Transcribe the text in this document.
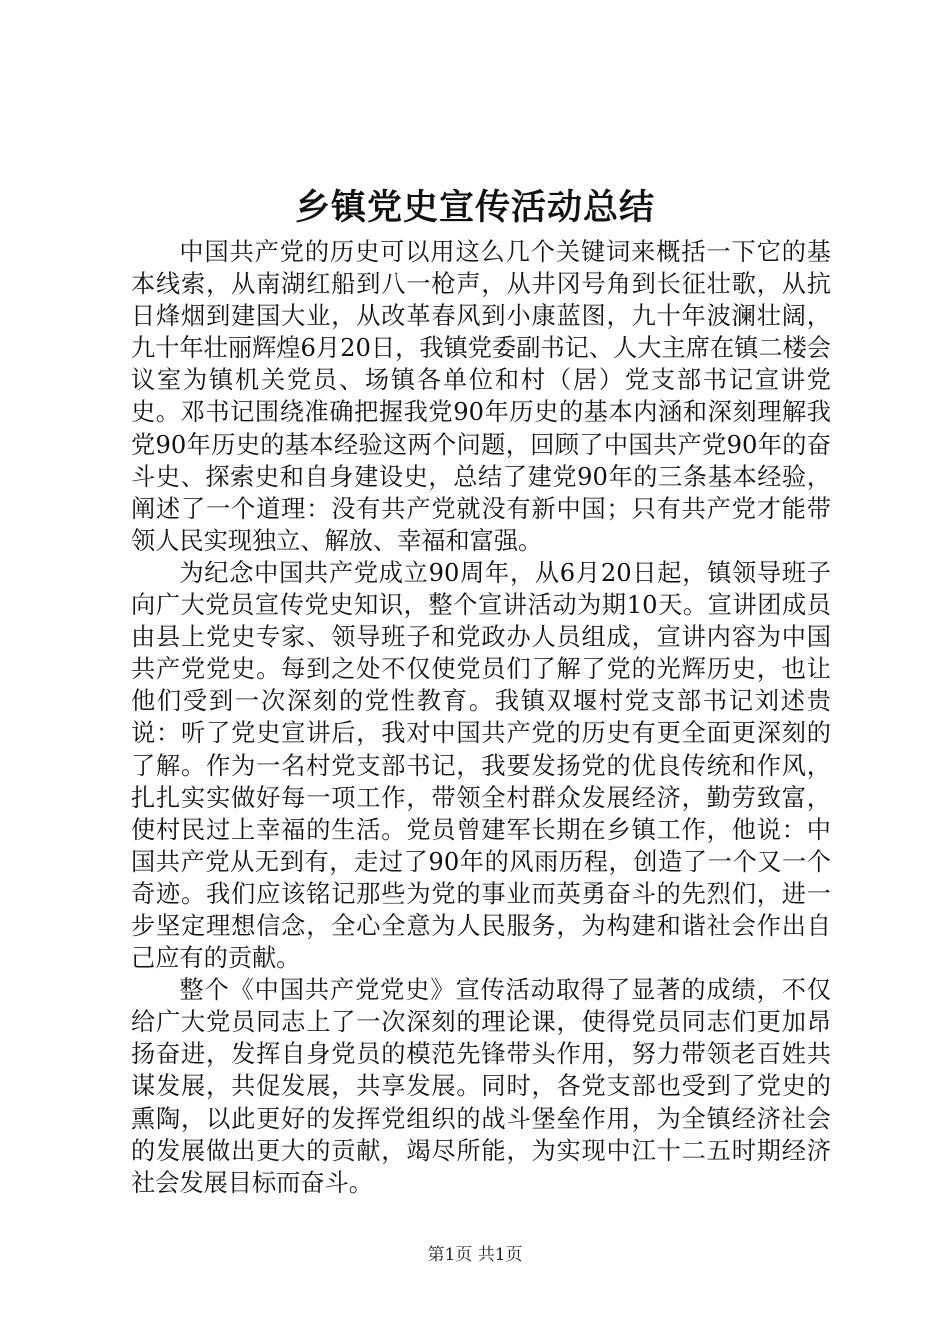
乡镇党史宣传活动总结

中国共产党的历史可以用这么几个关键词来概括一下它的基本线索，从南湖红船到八一枪声，从井冈号角到长征壮歌，从抗日烽烟到建国大业，从改革春风到小康蓝图，九十年波澜壮阔，九十年壮丽辉煌6月20日，我镇党委副书记、人大主席在镇二楼会议室为镇机关党员、场镇各单位和村（居）党支部书记宣讲党史。邓书记围绕准确把握我党90年历史的基本内涵和深刻理解我党90年历史的基本经验这两个问题，回顾了中国共产党90年的奋斗史、探索史和自身建设史，总结了建党90年的三条基本经验，阐述了一个道理：没有共产党就没有新中国；只有共产党才能带领人民实现独立、解放、幸福和富强。

为纪念中国共产党成立90周年，从6月20日起，镇领导班子向广大党员宣传党史知识，整个宣讲活动为期10天。宣讲团成员由县上党史专家、领导班子和党政办人员组成，宣讲内容为中国共产党党史。每到之处不仅使党员们了解了党的光辉历史，也让他们受到一次深刻的党性教育。我镇双堰村党支部书记刘述贵说：听了党史宣讲后，我对中国共产党的历史有更全面更深刻的了解。作为一名村党支部书记，我要发扬党的优良传统和作风，扎扎实实做好每一项工作，带领全村群众发展经济，勤劳致富，使村民过上幸福的生活。党员曾建军长期在乡镇工作，他说：中国共产党从无到有，走过了90年的风雨历程，创造了一个又一个奇迹。我们应该铭记那些为党的事业而英勇奋斗的先烈们，进一步坚定理想信念，全心全意为人民服务，为构建和谐社会作出自己应有的贡献。

整个《中国共产党党史》宣传活动取得了显著的成绩，不仅给广大党员同志上了一次深刻的理论课，使得党员同志们更加昂扬奋进，发挥自身党员的模范先锋带头作用，努力带领老百姓共谋发展，共促发展，共享发展。同时，各党支部也受到了党史的熏陶，以此更好的发挥党组织的战斗堡垒作用，为全镇经济社会的发展做出更大的贡献，竭尽所能，为实现中江十二五时期经济社会发展目标而奋斗。

第1页 共1页
